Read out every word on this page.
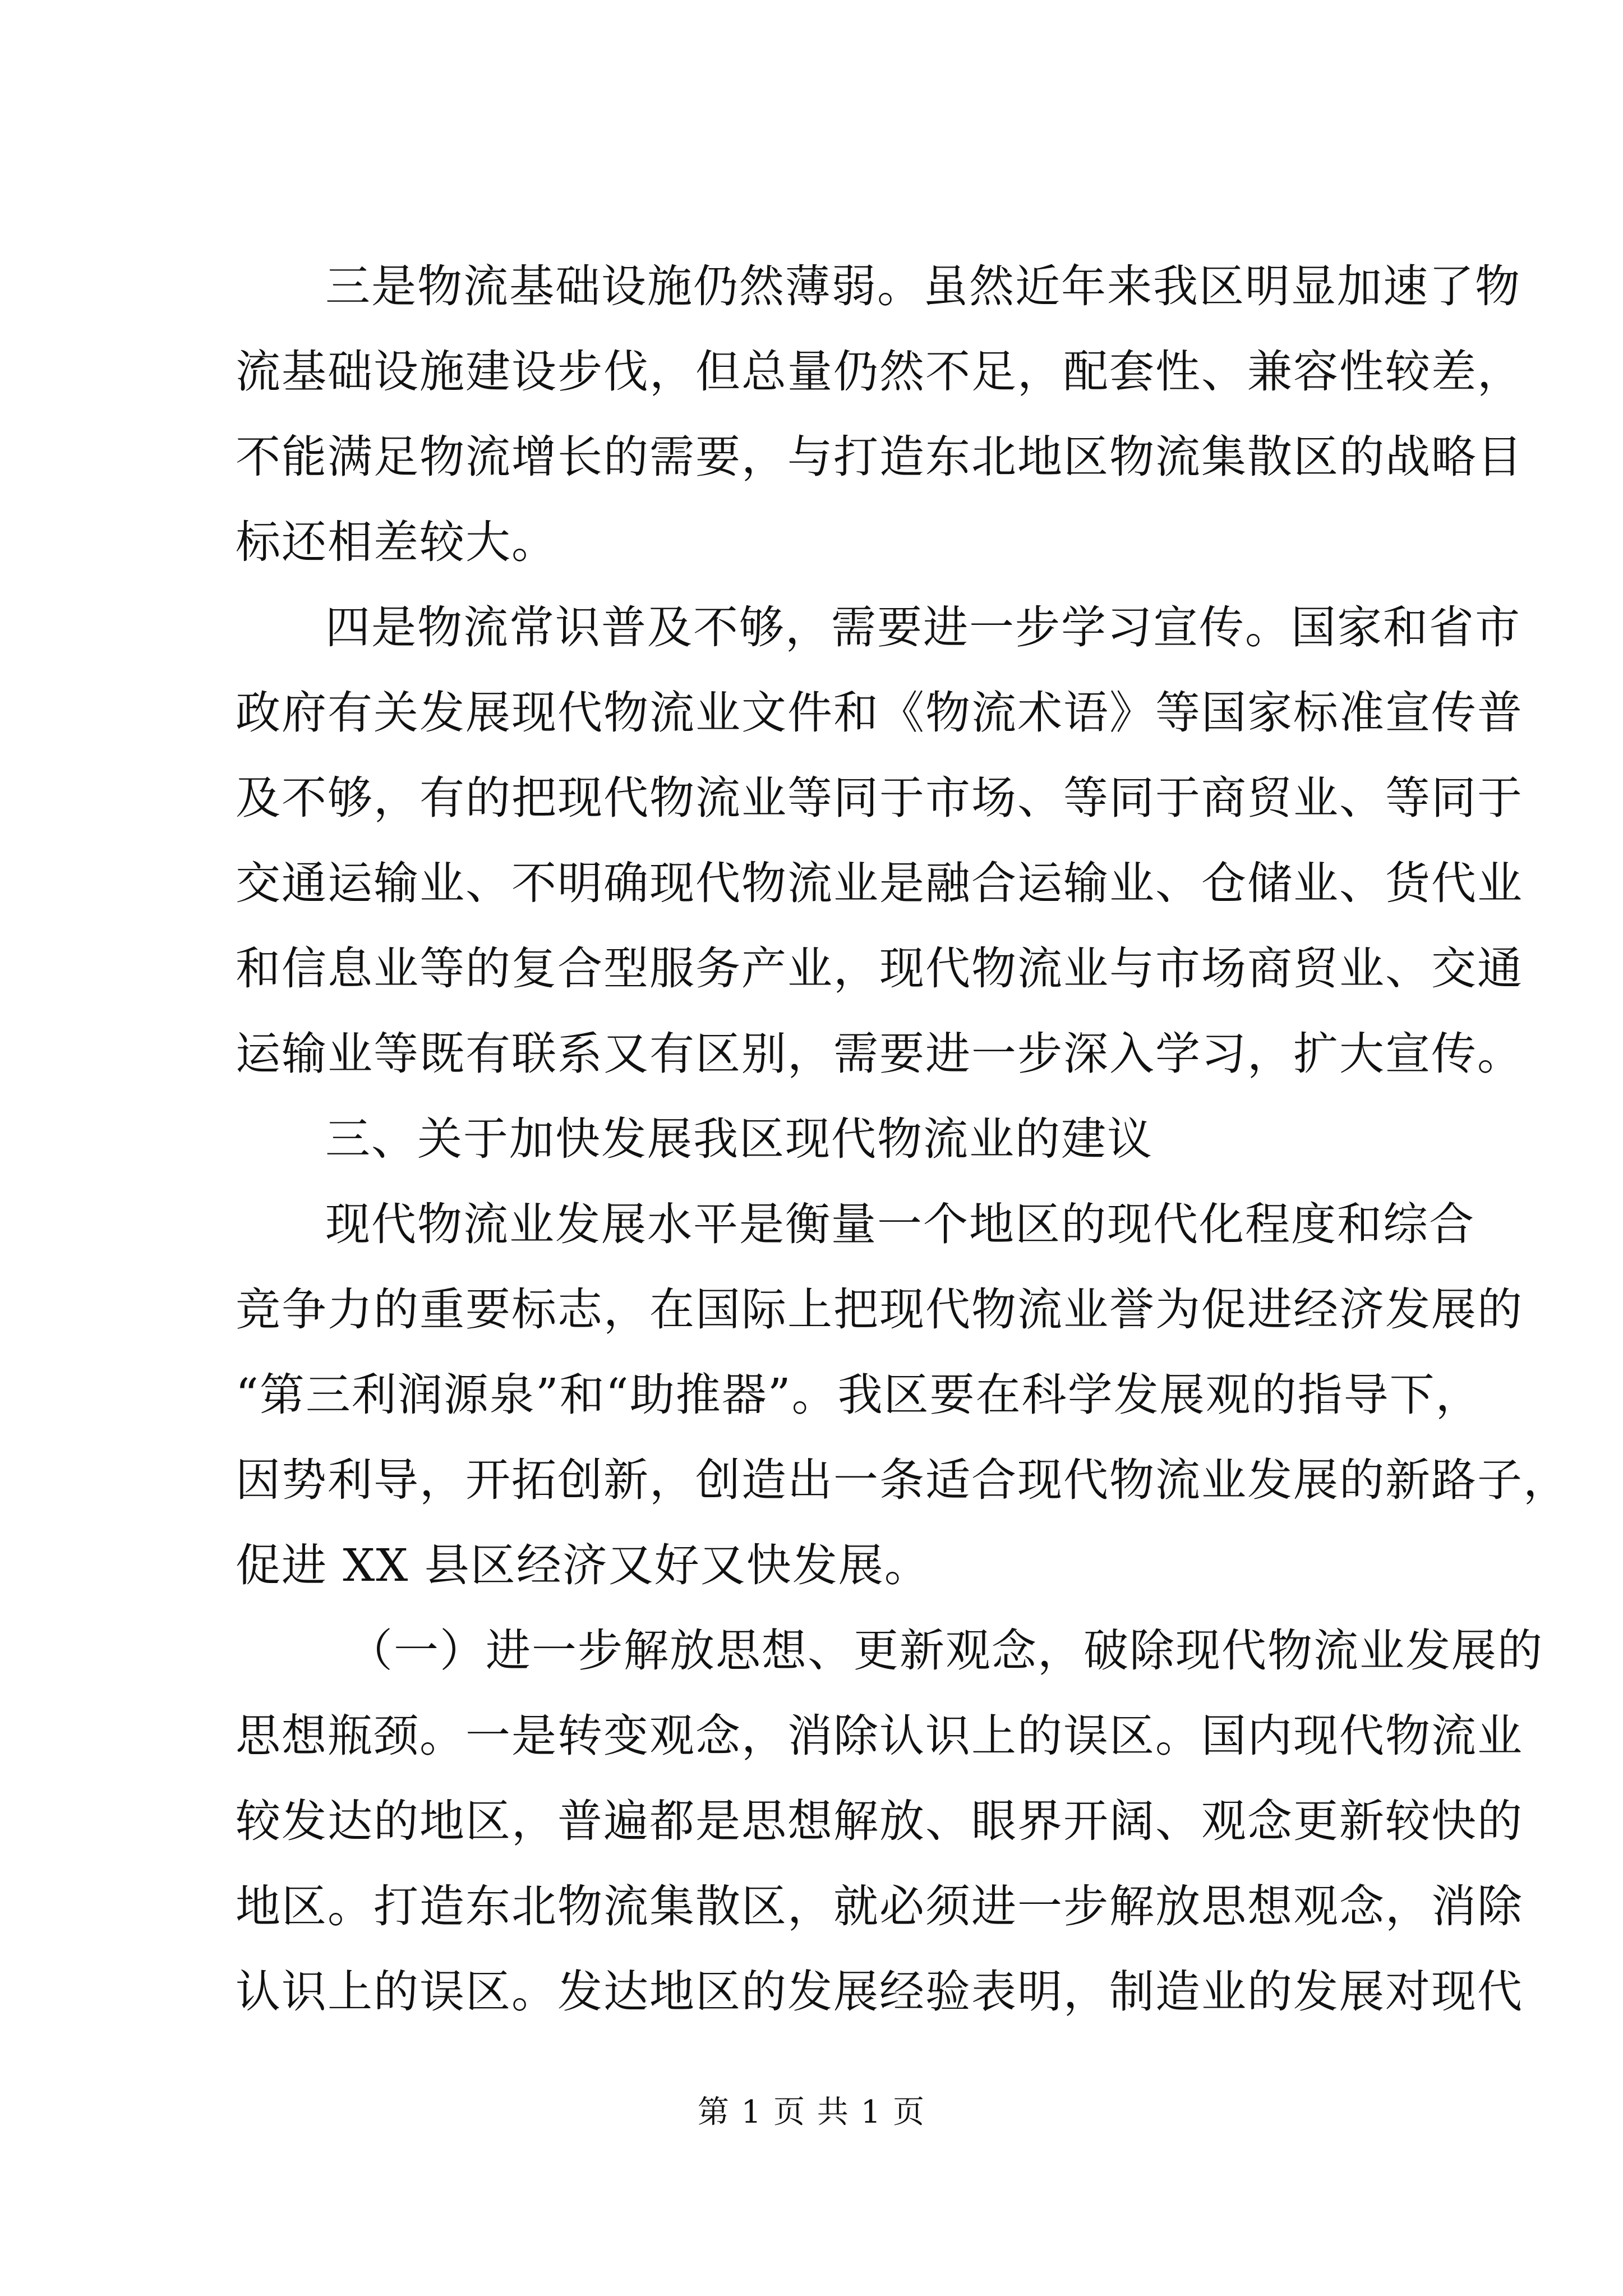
三是物流基础设施仍然薄弱。虽然近年来我区明显加速了物
流基础设施建设步伐，但总量仍然不足，配套性、兼容性较差，
不能满足物流增长的需要，与打造东北地区物流集散区的战略目
标还相差较大。
四是物流常识普及不够，需要进一步学习宣传。国家和省市
政府有关发展现代物流业文件和《物流术语》等国家标准宣传普
及不够，有的把现代物流业等同于市场、等同于商贸业、等同于
交通运输业、不明确现代物流业是融合运输业、仓储业、货代业
和信息业等的复合型服务产业，现代物流业与市场商贸业、交通
运输业等既有联系又有区别，需要进一步深入学习，扩大宣传。
三、关于加快发展我区现代物流业的建议
现代物流业发展水平是衡量一个地区的现代化程度和综合
竞争力的重要标志，在国际上把现代物流业誉为促进经济发展的
“第三利润源泉”和“助推器”。我区要在科学发展观的指导下，
因势利导，开拓创新，创造出一条适合现代物流业发展的新路子，
促进 XX 县区经济又好又快发展。
（一）进一步解放思想、更新观念，破除现代物流业发展的
思想瓶颈。一是转变观念，消除认识上的误区。国内现代物流业
较发达的地区，普遍都是思想解放、眼界开阔、观念更新较快的
地区。打造东北物流集散区，就必须进一步解放思想观念，消除
认识上的误区。发达地区的发展经验表明，制造业的发展对现代
第 1 页 共 1 页
